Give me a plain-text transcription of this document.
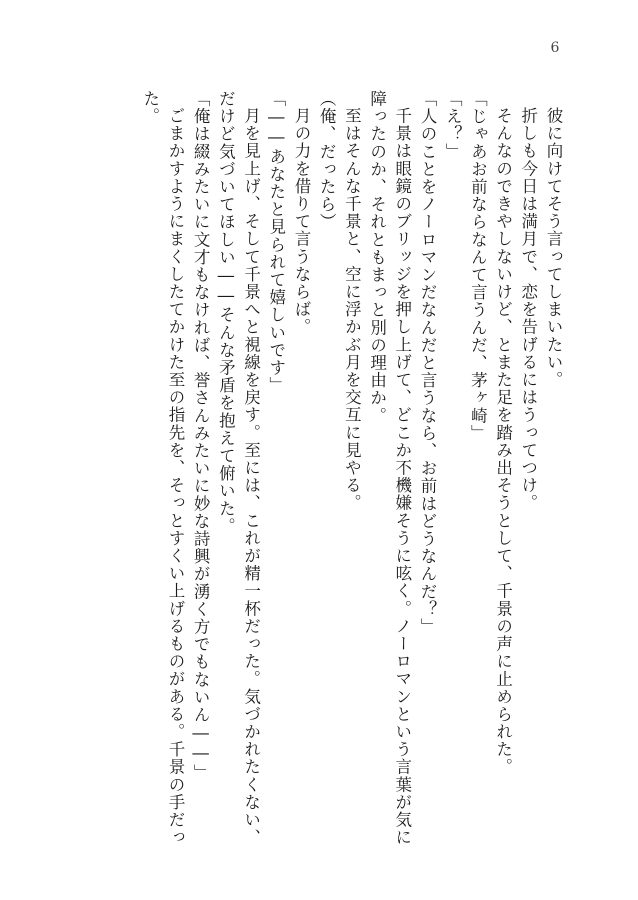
6

彼に向けてそう言ってしまいたい。

折しも今日は満月で、恋を告げるにはうってつけ。

そんなのできやしないけど、とまた足を踏み出そうとして、千景の声に止められた。

「じゃあお前ならなんて言うんだ、茅ヶ崎」

「え？」

「人のことをノーロマンだなんだと言うなら、お前はどうなんだ？」

千景は眼鏡のブリッジを押し上げて、どこか不機嫌そうに呟く。ノーロマンという言葉が気に障ったのか、それともまっと別の理由か。

至はそんな千景と、空に浮かぶ月を交互に見やる。

（俺、だったら）

月の力を借りて言うならば。

「――あなたと見られて嬉しいです」

月を見上げ、そして千景へと視線を戻す。至には、これが精一杯だった。気づかれたくない、だけど気づいてほしい――そんな矛盾を抱えて俯いた。

「俺は綴みたいに文才もなければ、誉さんみたいに妙な詩興が湧く方でもないん――」

ごまかすようにまくしたてかけた至の指先を、そっとすくい上げるものがある。千景の手だった。
